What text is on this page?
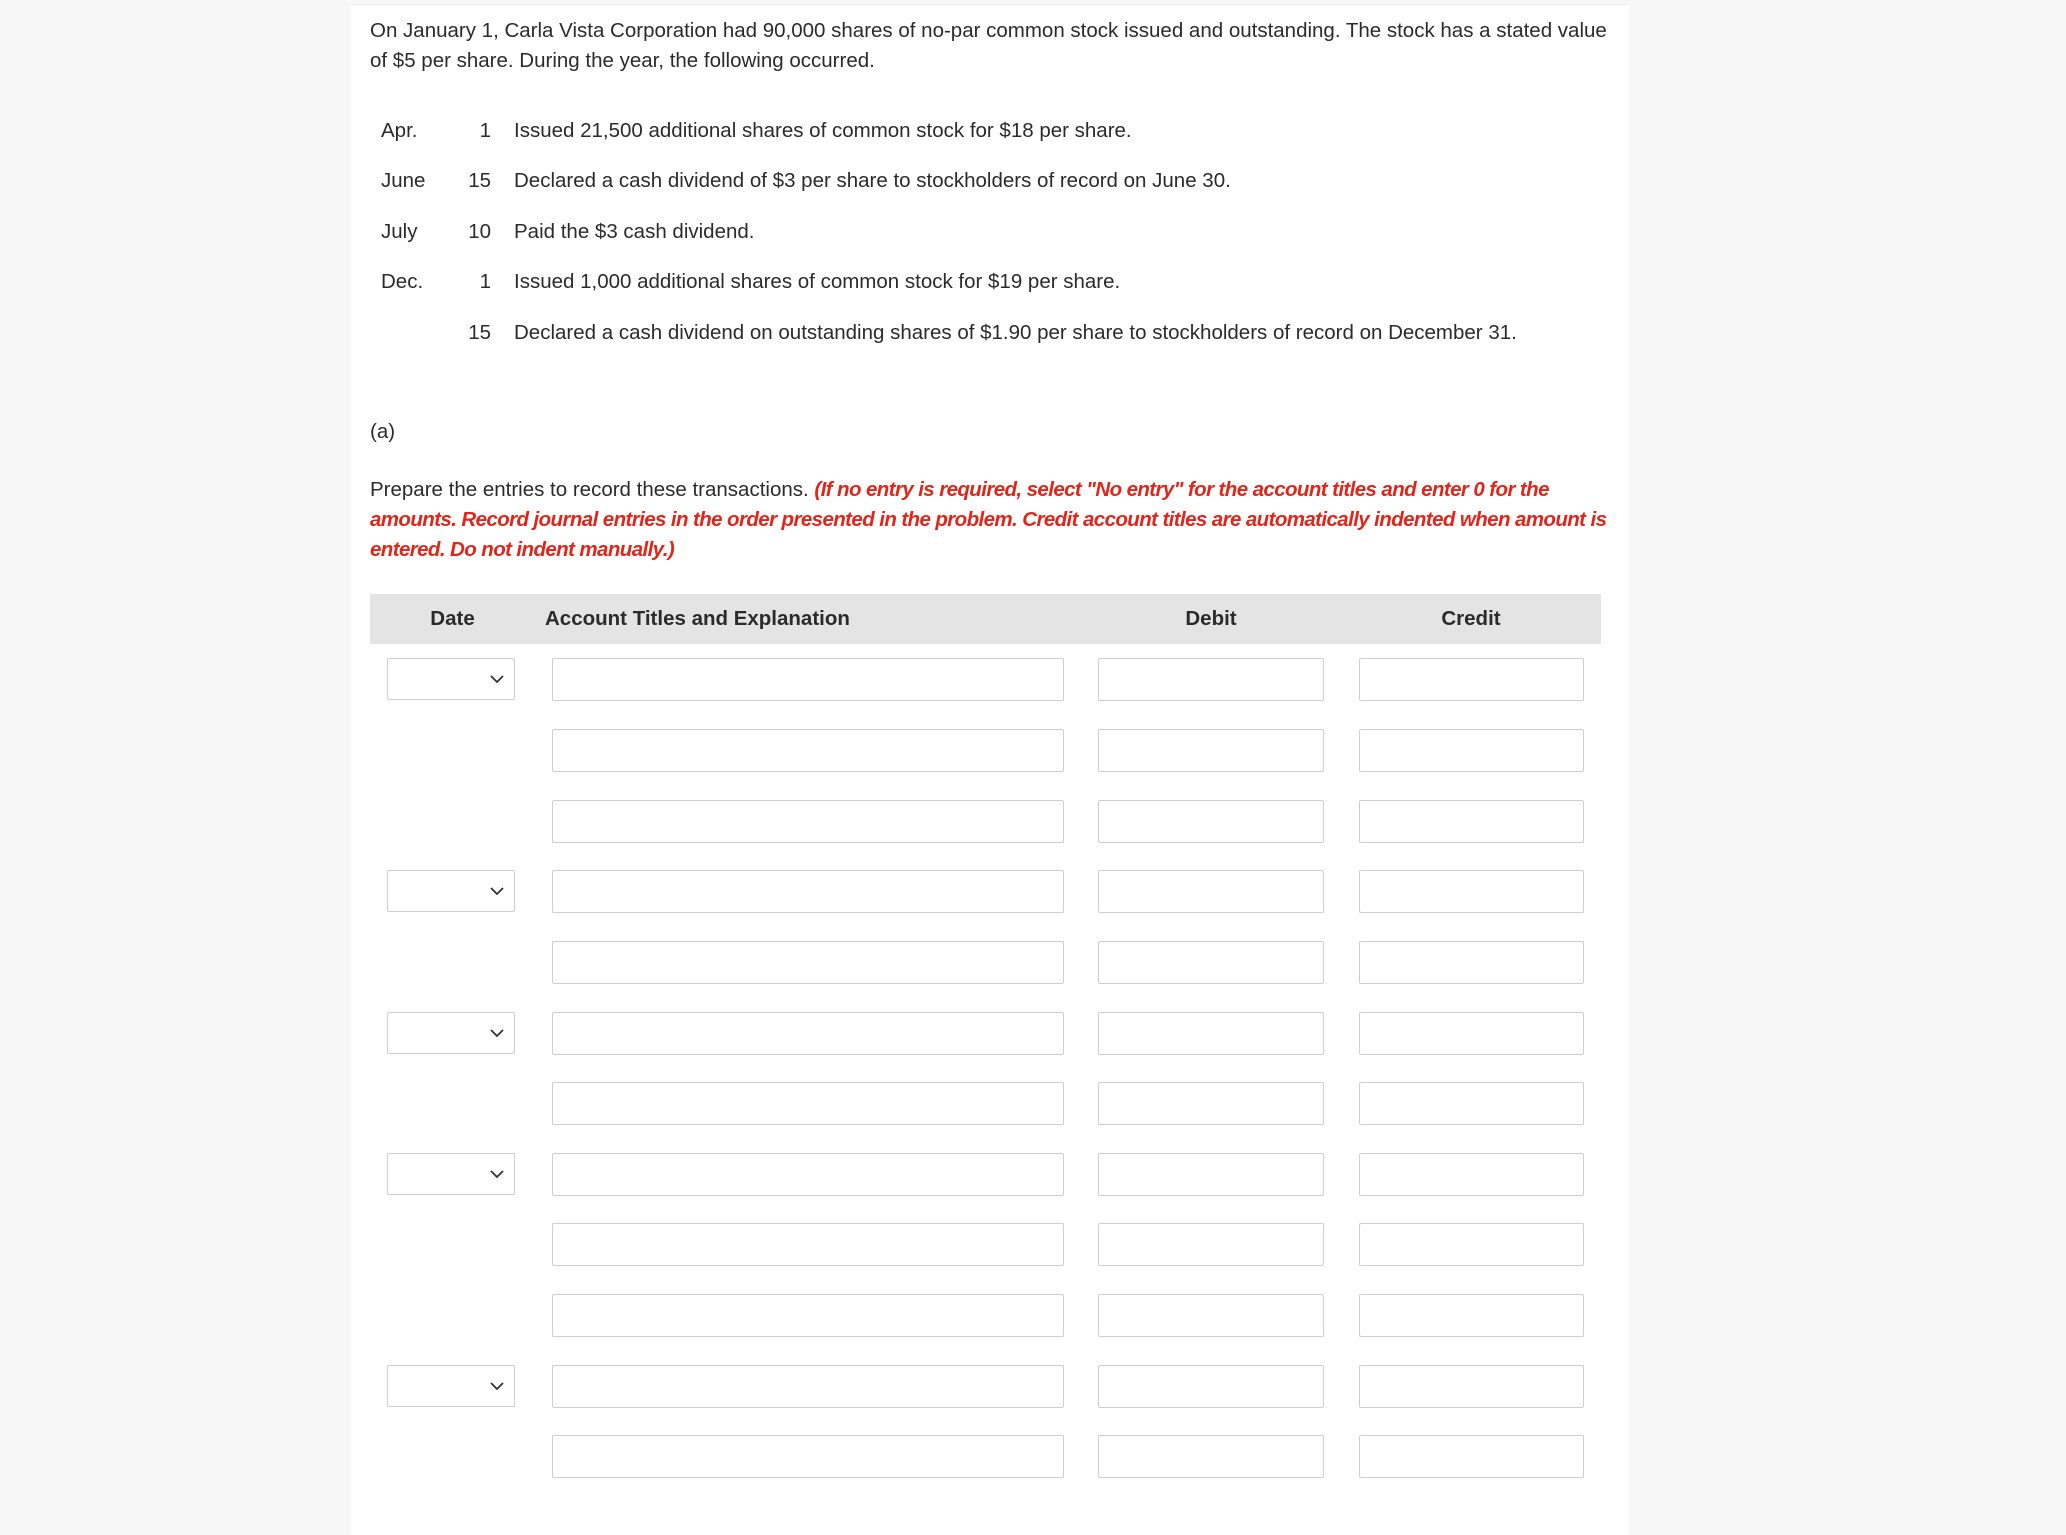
On January 1, Carla Vista Corporation had 90,000 shares of no-par common stock issued and outstanding. The stock has a stated value of $5 per share. During the year, the following occurred.

Apr.	1 Issued 21,500 additional shares of common stock for $18 per share.
June	15 Declared a cash dividend of $3 per share to stockholders of record on June 30.
July	10 Paid the $3 cash dividend.
Dec.	1 Issued 1,000 additional shares of common stock for $19 per share.
15 Declared a cash dividend on outstanding shares of $1.90 per share to stockholders of record on December 31.
(a)

Prepare the entries to record these transactions. (If no entry is required, select "No entry" for the account titles and enter 0 for the amounts. Record journal entries in the order presented in the problem. Credit account titles are automatically indented when amount is entered. Do not indent manually.)

Date	Account Titles and Explanation	Debit	Credit
